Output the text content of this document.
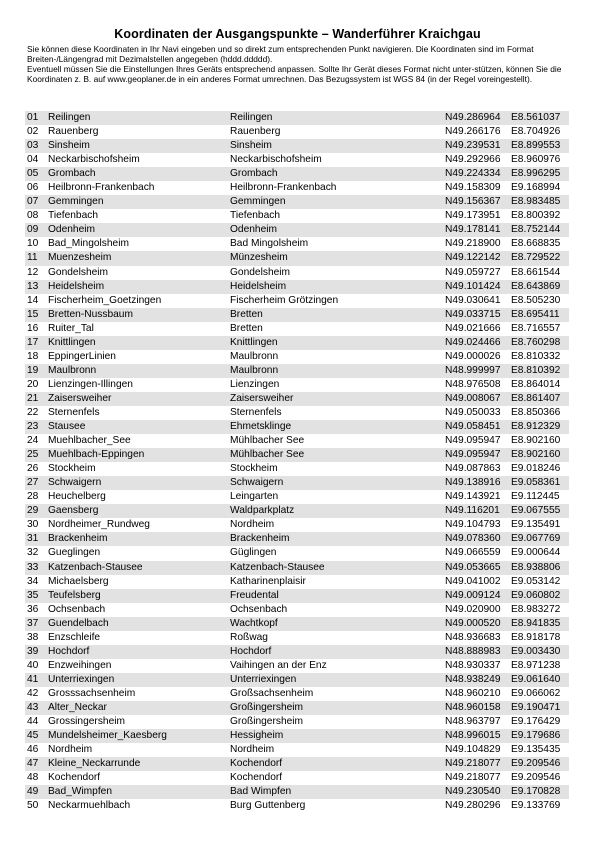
Koordinaten der Ausgangspunkte – Wanderführer Kraichgau

Sie können diese Koordinaten in Ihr Navi eingeben und so direkt zum entsprechenden Punkt navigieren. Die Koordinaten sind im Format Breiten-/Längengrad mit Dezimalstellen angegeben (hddd.ddddd).

Eventuell müssen Sie die Einstellungen Ihres Geräts entsprechend anpassen. Sollte Ihr Gerät dieses Format nicht unter-stützen, können Sie die Koordinaten z. B. auf www.geoplaner.de in ein anderes Format umrechnen. Das Bezugssystem ist WGS 84 (in der Regel voreingestellt).

01 Reilingen	Reilingen	N49.286964 E8.561037
02 Rauenberg	Rauenberg	N49.266176 E8.704926
03 Sinsheim	Sinsheim	N49.239531 E8.899553
04 Neckarbischofsheim	Neckarbischofsheim	N49.292966 E8.960976
05 Grombach	Grombach	N49.224334 E8.996295
06 Heilbronn-Frankenbach	Heilbronn-Frankenbach	N49.158309 E9.168994
07 Gemmingen	Gemmingen	N49.156367 E8.983485
08 Tiefenbach	Tiefenbach	N49.173951 E8.800392
09 Odenheim	Odenheim	N49.178141 E8.752144
10 Bad_Mingolsheim	Bad Mingolsheim	N49.218900 E8.668835
11	Muenzesheim	Münzesheim	N49.122142 E8.729522
12 Gondelsheim	Gondelsheim	N49.059727 E8.661544
13 Heidelsheim	Heidelsheim	N49.101424 E8.643869
14 Fischerheim_Goetzingen	Fischerheim Grötzingen	N49.030641 E8.505230
15 Bretten-Nussbaum	Bretten	N49.033715 E8.695411
16 Ruiter_Tal	Bretten	N49.021666 E8.716557
17 Knittlingen	Knittlingen	N49.024466 E8.760298
18 EppingerLinien	Maulbronn	N49.000026 E8.810332
19 Maulbronn	Maulbronn	N48.999997 E8.810392
20 Lienzingen-Illingen	Lienzingen	N48.976508 E8.864014
21 Zaisersweiher	Zaisersweiher	N49.008067 E8.861407
22 Sternenfels	Sternenfels	N49.050033 E8.850366
23 Stausee	Ehmetsklinge	N49.058451 E8.912329
24 Muehlbacher_See	Mühlbacher See	N49.095947 E8.902160
25 Muehlbach-Eppingen	Mühlbacher See	N49.095947 E8.902160
26 Stockheim	Stockheim	N49.087863 E9.018246
27 Schwaigern	Schwaigern	N49.138916 E9.058361
28 Heuchelberg	Leingarten	N49.143921 E9.112445
29 Gaensberg	Waldparkplatz	N49.116201 E9.067555
30 Nordheimer_Rundweg	Nordheim	N49.104793 E9.135491
31 Brackenheim	Brackenheim	N49.078360 E9.067769
32 Gueglingen	Güglingen	N49.066559 E9.000644
33 Katzenbach-Stausee	Katzenbach-Stausee	N49.053665 E8.938806
34 Michaelsberg	Katharinenplaisir	N49.041002 E9.053142
35 Teufelsberg	Freudental	N49.009124 E9.060802
36 Ochsenbach	Ochsenbach	N49.020900 E8.983272
37 Guendelbach	Wachtkopf	N49.000520 E8.941835
38 Enzschleife	Roßwag	N48.936683 E8.918178
39 Hochdorf	Hochdorf	N48.888983 E9.003430
40 Enzweihingen	Vaihingen an der Enz	N48.930337 E8.971238
41 Unterriexingen	Unterriexingen	N48.938249 E9.061640
42 Grosssachsenheim	Großsachsenheim	N48.960210 E9.066062
43 Alter_Neckar	Großingersheim	N48.960158 E9.190471
44 Grossingersheim	Großingersheim	N48.963797 E9.176429
45 Mundelsheimer_Kaesberg	Hessigheim	N48.996015 E9.179686
46 Nordheim	Nordheim	N49.104829 E9.135435
47 Kleine_Neckarrunde	Kochendorf	N49.218077 E9.209546
48 Kochendorf	Kochendorf	N49.218077 E9.209546
49 Bad_Wimpfen	Bad Wimpfen	N49.230540 E9.170828
50 Neckarmuehlbach	Burg Guttenberg	N49.280296 E9.133769
